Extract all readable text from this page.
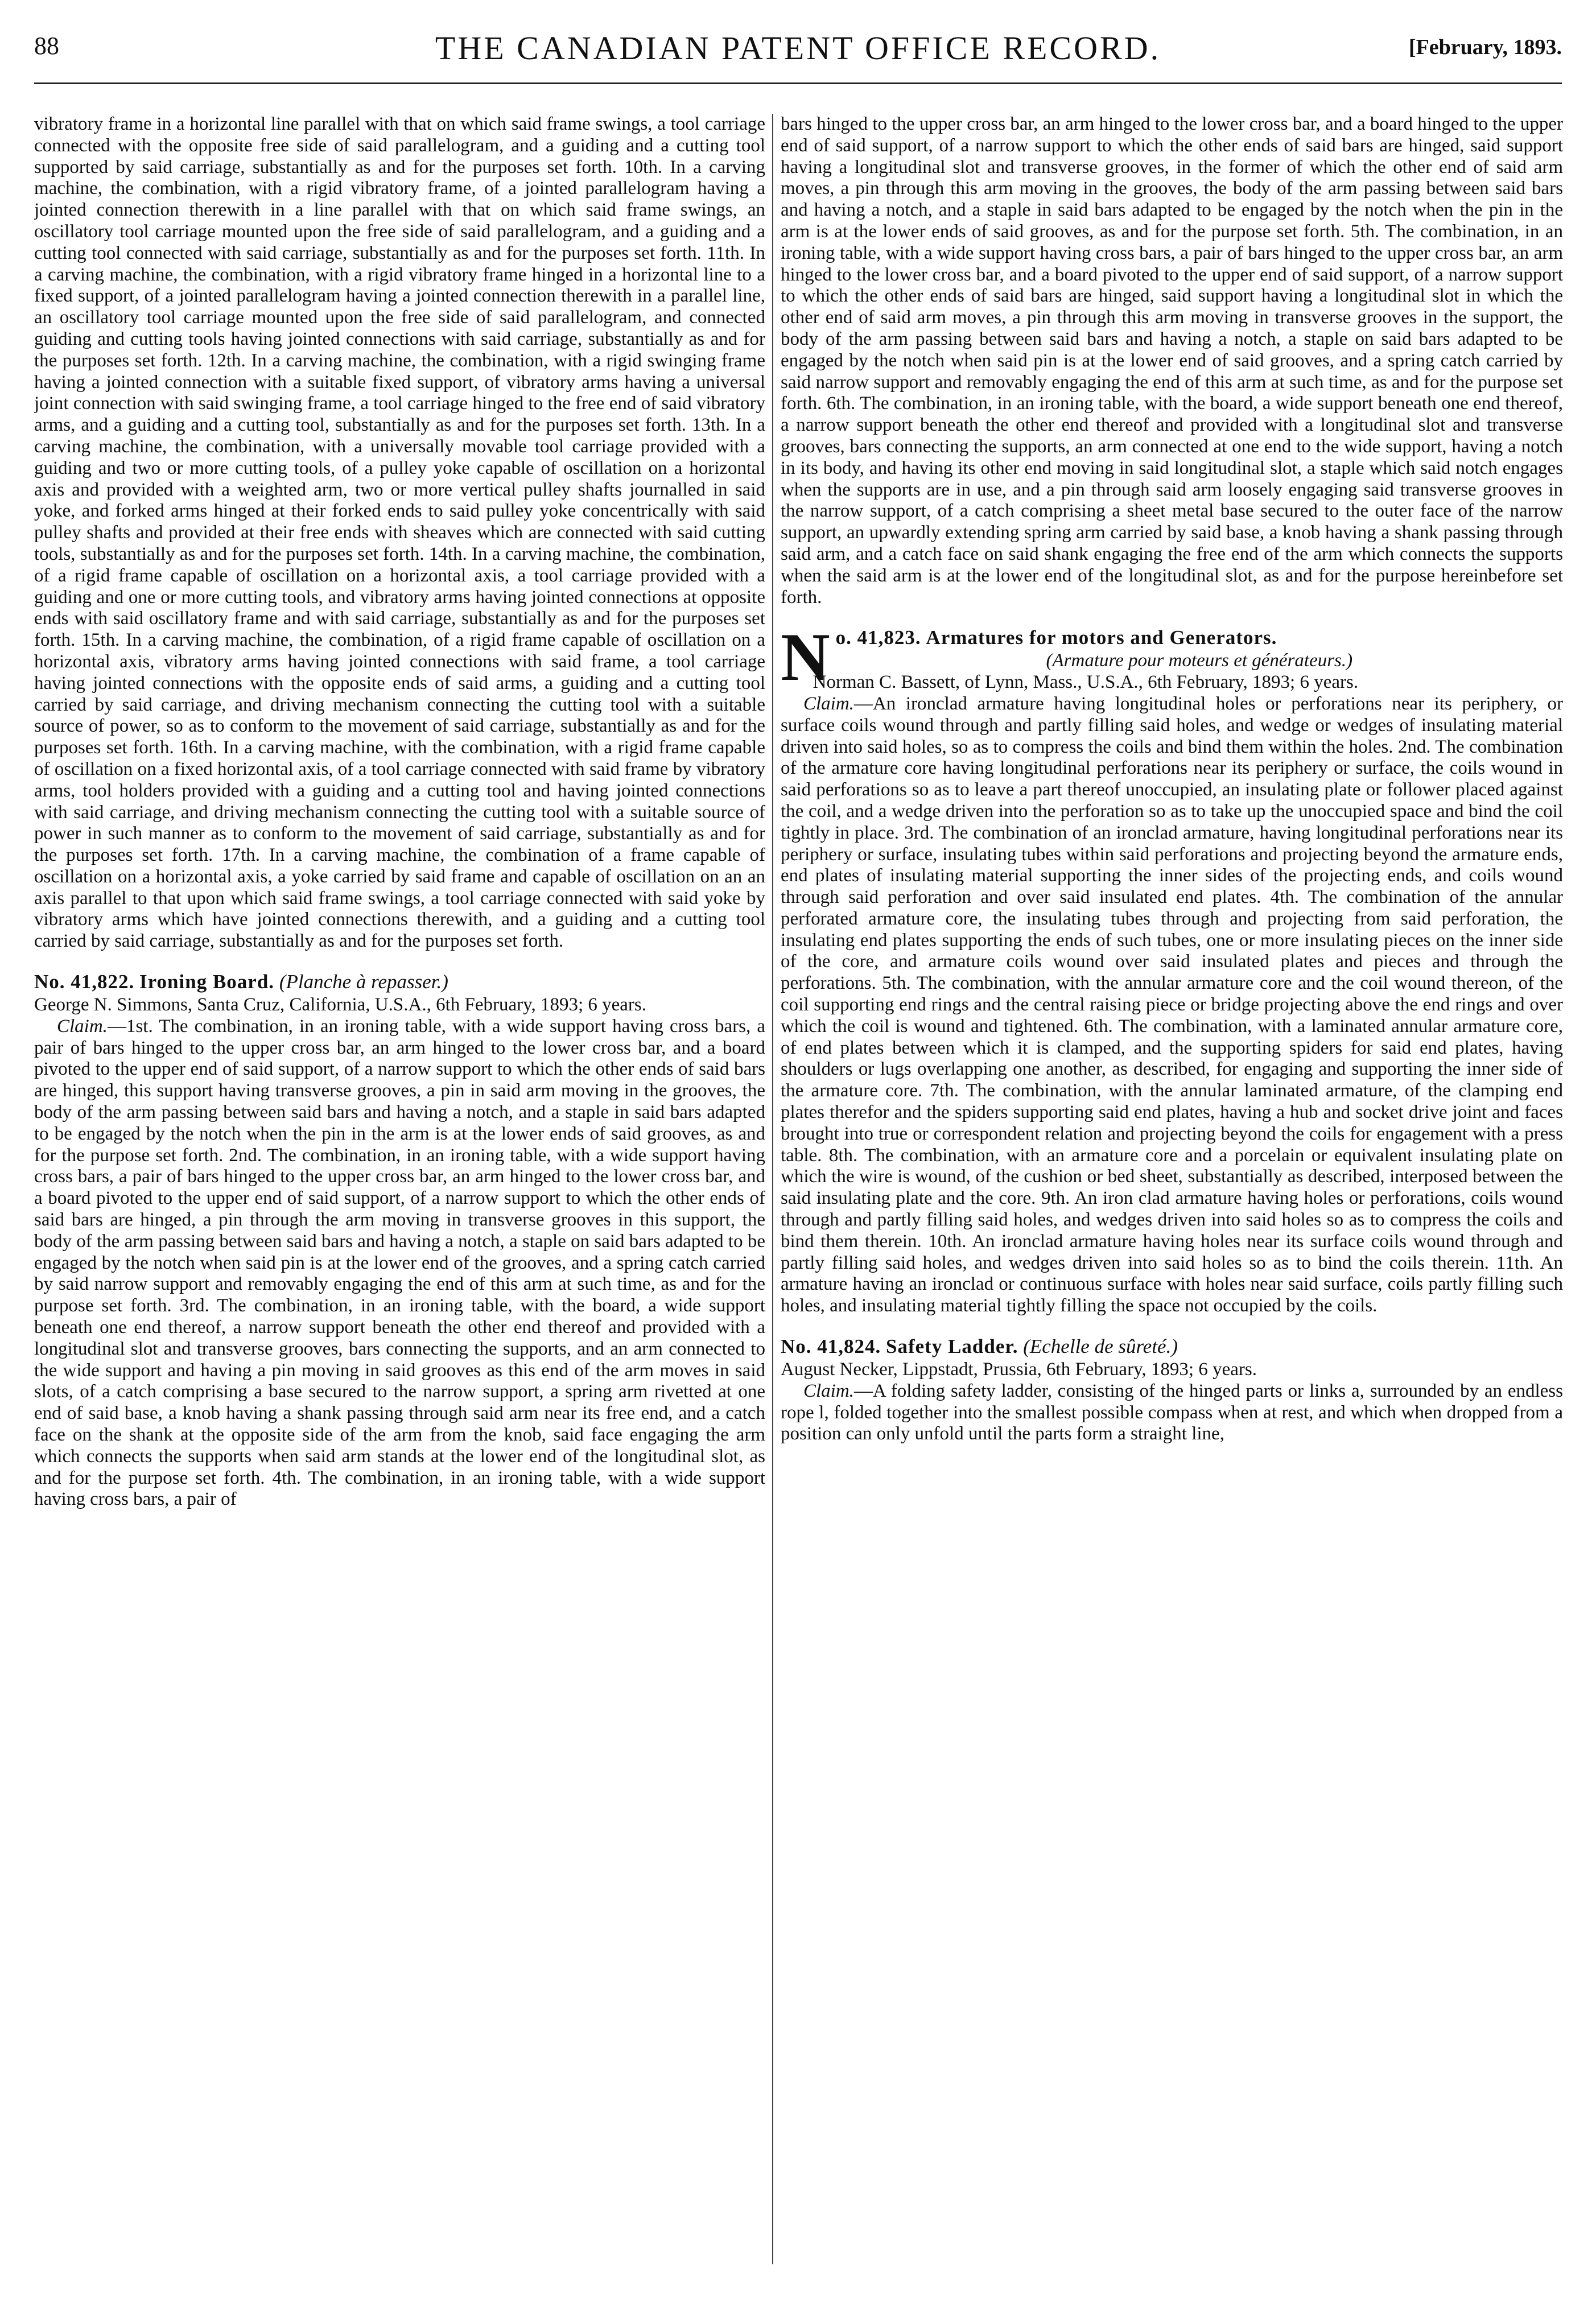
88	THE CANADIAN PATENT OFFICE RECORD.	[February, 1893.

vibratory frame in a horizontal line parallel with that on which said frame swings, a tool carriage connected with the opposite free side of said parallelogram, and a guiding and a cutting tool supported by said carriage, substantially as and for the purposes set forth. 10th. In a carving machine, the combination, with a rigid vibratory frame, of a jointed parallelogram having a jointed connection therewith in a line parallel with that on which said frame swings, an oscillatory tool carriage mounted upon the free side of said parallelogram, and a guiding and a cutting tool connected with said carriage, substantially as and for the purposes set forth. 11th. In a carving machine, the combination, with a rigid vibratory frame hinged in a horizontal line to a fixed support, of a jointed parallelogram having a jointed connection therewith in a parallel line, an oscillatory tool carriage mounted upon the free side of said parallelogram, and connected guiding and cutting tools having jointed connections with said carriage, substantially as and for the purposes set forth. 12th. In a carving machine, the combination, with a rigid swinging frame having a jointed connection with a suitable fixed support, of vibratory arms having a universal joint connection with said swinging frame, a tool carriage hinged to the free end of said vibratory arms, and a guiding and a cutting tool, substantially as and for the purposes set forth. 13th. In a carving machine, the combination, with a universally movable tool carriage provided with a guiding and two or more cutting tools, of a pulley yoke capable of oscillation on a horizontal axis and provided with a weighted arm, two or more vertical pulley shafts journalled in said yoke, and forked arms hinged at their forked ends to said pulley yoke concentrically with said pulley shafts and provided at their free ends with sheaves which are connected with said cutting tools, substantially as and for the purposes set forth. 14th. In a carving machine, the combination, of a rigid frame capable of oscillation on a horizontal axis, a tool carriage provided with a guiding and one or more cutting tools, and vibratory arms having jointed connections at opposite ends with said oscillatory frame and with said carriage, substantially as and for the purposes set forth. 15th. In a carving machine, the combination, of a rigid frame capable of oscillation on a horizontal axis, vibratory arms having jointed connections with said frame, a tool carriage having jointed connections with the opposite ends of said arms, a guiding and a cutting tool carried by said carriage, and driving mechanism connecting the cutting tool with a suitable source of power, so as to conform to the movement of said carriage, substantially as and for the purposes set forth. 16th. In a carving machine, with the combination, with a rigid frame capable of oscillation on a fixed horizontal axis, of a tool carriage connected with said frame by vibratory arms, tool holders provided with a guiding and a cutting tool and having jointed connections with said carriage, and driving mechanism connecting the cutting tool with a suitable source of power in such manner as to conform to the movement of said carriage, substantially as and for the purposes set forth. 17th. In a carving machine, the combination of a frame capable of oscillation on a horizontal axis, a yoke carried by said frame and capable of oscillation on an an axis parallel to that upon which said frame swings, a tool carriage connected with said yoke by vibratory arms which have jointed connections therewith, and a guiding and a cutting tool carried by said carriage, substantially as and for the purposes set forth.

No. 41,822. Ironing Board. (Planche à repasser.)

George N. Simmons, Santa Cruz, California, U.S.A., 6th February, 1893; 6 years.

Claim.—1st. The combination, in an ironing table, with a wide support having cross bars, a pair of bars hinged to the upper cross bar, an arm hinged to the lower cross bar, and a board pivoted to the upper end of said support, of a narrow support to which the other ends of said bars are hinged, this support having transverse grooves, a pin in said arm moving in the grooves, the body of the arm passing between said bars and having a notch, and a staple in said bars adapted to be engaged by the notch when the pin in the arm is at the lower ends of said grooves, as and for the purpose set forth. 2nd. The combination, in an ironing table, with a wide support having cross bars, a pair of bars hinged to the upper cross bar, an arm hinged to the lower cross bar, and a board pivoted to the upper end of said support, of a narrow support to which the other ends of said bars are hinged, a pin through the arm moving in transverse grooves in this support, the body of the arm passing between said bars and having a notch, a staple on said bars adapted to be engaged by the notch when said pin is at the lower end of the grooves, and a spring catch carried by said narrow support and removably engaging the end of this arm at such time, as and for the purpose set forth. 3rd. The combination, in an ironing table, with the board, a wide support beneath one end thereof, a narrow support beneath the other end thereof and provided with a longitudinal slot and transverse grooves, bars connecting the supports, and an arm connected to the wide support and having a pin moving in said grooves as this end of the arm moves in said slots, of a catch comprising a base secured to the narrow support, a spring arm rivetted at one end of said base, a knob having a shank passing through said arm near its free end, and a catch face on the shank at the opposite side of the arm from the knob, said face engaging the arm which connects the supports when said arm stands at the lower end of the longitudinal slot, as and for the purpose set forth. 4th. The combination, in an ironing table, with a wide support having cross bars, a pair of

bars hinged to the upper cross bar, an arm hinged to the lower cross bar, and a board hinged to the upper end of said support, of a narrow support to which the other ends of said bars are hinged, said support having a longitudinal slot and transverse grooves, in the former of which the other end of said arm moves, a pin through this arm moving in the grooves, the body of the arm passing between said bars and having a notch, and a staple in said bars adapted to be engaged by the notch when the pin in the arm is at the lower ends of said grooves, as and for the purpose set forth. 5th. The combination, in an ironing table, with a wide support having cross bars, a pair of bars hinged to the upper cross bar, an arm hinged to the lower cross bar, and a board pivoted to the upper end of said support, of a narrow support to which the other ends of said bars are hinged, said support having a longitudinal slot in which the other end of said arm moves, a pin through this arm moving in transverse grooves in the support, the body of the arm passing between said bars and having a notch, a staple on said bars adapted to be engaged by the notch when said pin is at the lower end of said grooves, and a spring catch carried by said narrow support and removably engaging the end of this arm at such time, as and for the purpose set forth. 6th. The combination, in an ironing table, with the board, a wide support beneath one end thereof, a narrow support beneath the other end thereof and provided with a longitudinal slot and transverse grooves, bars connecting the supports, an arm connected at one end to the wide support, having a notch in its body, and having its other end moving in said longitudinal slot, a staple which said notch engages when the supports are in use, and a pin through said arm loosely engaging said transverse grooves in the narrow support, of a catch comprising a sheet metal base secured to the outer face of the narrow support, an upwardly extending spring arm carried by said base, a knob having a shank passing through said arm, and a catch face on said shank engaging the free end of the arm which connects the supports when the said arm is at the lower end of the longitudinal slot, as and for the purpose hereinbefore set forth.

N o. 41,823. Armatures for motors and Generators.

(Armature pour moteurs et générateurs.)

Norman C. Bassett, of Lynn, Mass., U.S.A., 6th February, 1893; 6 years.

Claim.—An ironclad armature having longitudinal holes or perforations near its periphery, or surface coils wound through and partly filling said holes, and wedge or wedges of insulating material driven into said holes, so as to compress the coils and bind them within the holes. 2nd. The combination of the armature core having longitudinal perforations near its periphery or surface, the coils wound in said perforations so as to leave a part thereof unoccupied, an insulating plate or follower placed against the coil, and a wedge driven into the perforation so as to take up the unoccupied space and bind the coil tightly in place. 3rd. The combination of an ironclad armature, having longitudinal perforations near its periphery or surface, insulating tubes within said perforations and projecting beyond the armature ends, end plates of insulating material supporting the inner sides of the projecting ends, and coils wound through said perforation and over said insulated end plates. 4th. The combination of the annular perforated armature core, the insulating tubes through and projecting from said perforation, the insulating end plates supporting the ends of such tubes, one or more insulating pieces on the inner side of the core, and armature coils wound over said insulated plates and pieces and through the perforations. 5th. The combination, with the annular armature core and the coil wound thereon, of the coil supporting end rings and the central raising piece or bridge projecting above the end rings and over which the coil is wound and tightened. 6th. The combination, with a laminated annular armature core, of end plates between which it is clamped, and the supporting spiders for said end plates, having shoulders or lugs overlapping one another, as described, for engaging and supporting the inner side of the armature core. 7th. The combination, with the annular laminated armature, of the clamping end plates therefor and the spiders supporting said end plates, having a hub and socket drive joint and faces brought into true or correspondent relation and projecting beyond the coils for engagement with a press table. 8th. The combination, with an armature core and a porcelain or equivalent insulating plate on which the wire is wound, of the cushion or bed sheet, substantially as described, interposed between the said insulating plate and the core. 9th. An iron clad armature having holes or perforations, coils wound through and partly filling said holes, and wedges driven into said holes so as to compress the coils and bind them therein. 10th. An ironclad armature having holes near its surface coils wound through and partly filling said holes, and wedges driven into said holes so as to bind the coils therein. 11th. An armature having an ironclad or continuous surface with holes near said surface, coils partly filling such holes, and insulating material tightly filling the space not occupied by the coils.

No. 41,824. Safety Ladder. (Echelle de sûreté.)

August Necker, Lippstadt, Prussia, 6th February, 1893; 6 years.

Claim.—A folding safety ladder, consisting of the hinged parts or links a, surrounded by an endless rope l, folded together into the smallest possible compass when at rest, and which when dropped from a position can only unfold until the parts form a straight line,
